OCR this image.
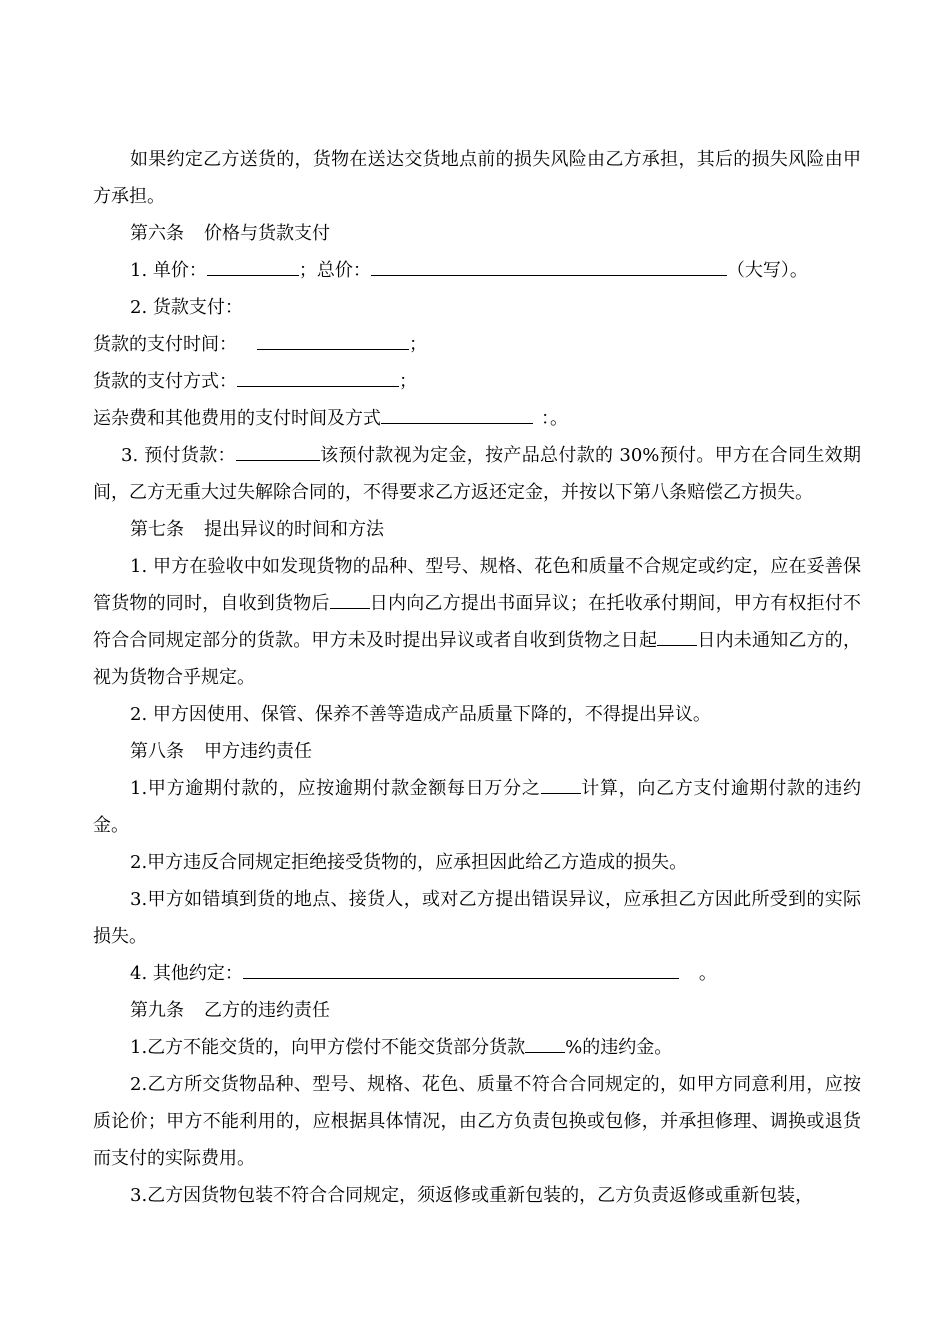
如果约定乙方送货的，货物在送达交货地点前的损失风险由乙方承担，其后的损失风险由甲方承担。

第六条 价格与货款支付

1. 单价：	；总价：	（大写）。

2. 货款支付：

货款的支付时间：	；

货款的支付方式：	；

运杂费和其他费用的支付时间及方式	：。

3. 预付货款：	该预付款视为定金，按产品总付款的 30%预付。甲方在合同生效期间，乙方无重大过失解除合同的，不得要求乙方返还定金，并按以下第八条赔偿乙方损失。

第七条 提出异议的时间和方法

1. 甲方在验收中如发现货物的品种、型号、规格、花色和质量不合规定或约定，应在妥善保管货物的同时，自收到货物后 日内向乙方提出书面异议；在托收承付期间，甲方有权拒付不符合合同规定部分的货款。甲方未及时提出异议或者自收到货物之日起 日内未通知乙方的，视为货物合乎规定。

2. 甲方因使用、保管、保养不善等造成产品质量下降的，不得提出异议。

第八条 甲方违约责任

1.甲方逾期付款的，应按逾期付款金额每日万分之 计算，向乙方支付逾期付款的违约金。

2.甲方违反合同规定拒绝接受货物的，应承担因此给乙方造成的损失。

3.甲方如错填到货的地点、接货人，或对乙方提出错误异议，应承担乙方因此所受到的实际损失。

4. 其他约定：	。

第九条 乙方的违约责任

1.乙方不能交货的，向甲方偿付不能交货部分货款 %的违约金。

2.乙方所交货物品种、型号、规格、花色、质量不符合合同规定的，如甲方同意利用，应按质论价；甲方不能利用的，应根据具体情况，由乙方负责包换或包修，并承担修理、调换或退货而支付的实际费用。

3.乙方因货物包装不符合合同规定，须返修或重新包装的，乙方负责返修或重新包装，
